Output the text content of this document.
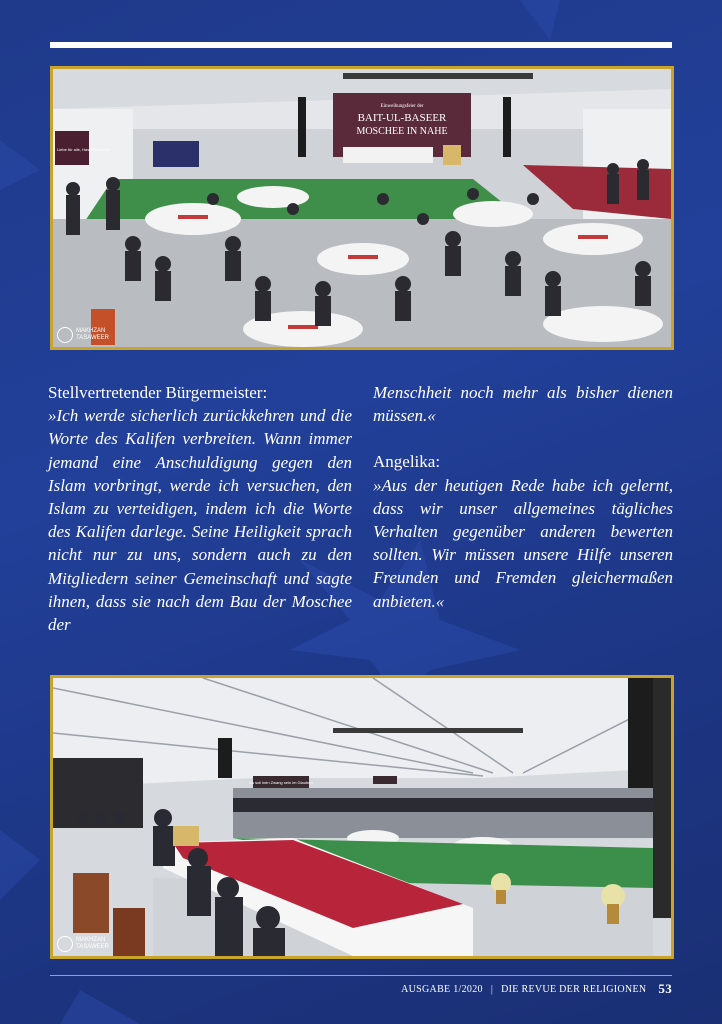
Liebe für alle, Hass für keinen
Einweihungsfeier der
BAIT-UL-BASEER
MOSCHEE IN NAHE
MAKHZAN
TASAWEER
Stellvertretender Bürgermeister:
»Ich werde sicherlich zurückkehren und die Worte des Kalifen verbreiten. Wann immer jemand eine Anschuldigung gegen den Islam vorbringt, werde ich versuchen, den Islam zu verteidigen, indem ich die Worte des Kalifen darlege. Seine Heiligkeit sprach nicht nur zu uns, sondern auch zu den Mitgliedern seiner Gemeinschaft und sagte ihnen, dass sie nach dem Bau der Moschee der
Menschheit noch mehr als bisher dienen müssen.«
Angelika:
»Aus der heutigen Rede habe ich gelernt, dass wir unser allgemeines tägliches Verhalten gegenüber anderen bewerten sollten. Wir müssen unsere Hilfe unseren Freunden und Fremden gleichermaßen anbieten.«
Es soll kein Zwang sein im Glauben
MAKHZAN
TASAWEER
AUSGABE 1/2020 | DIE REVUE DER RELIGIONEN 53
